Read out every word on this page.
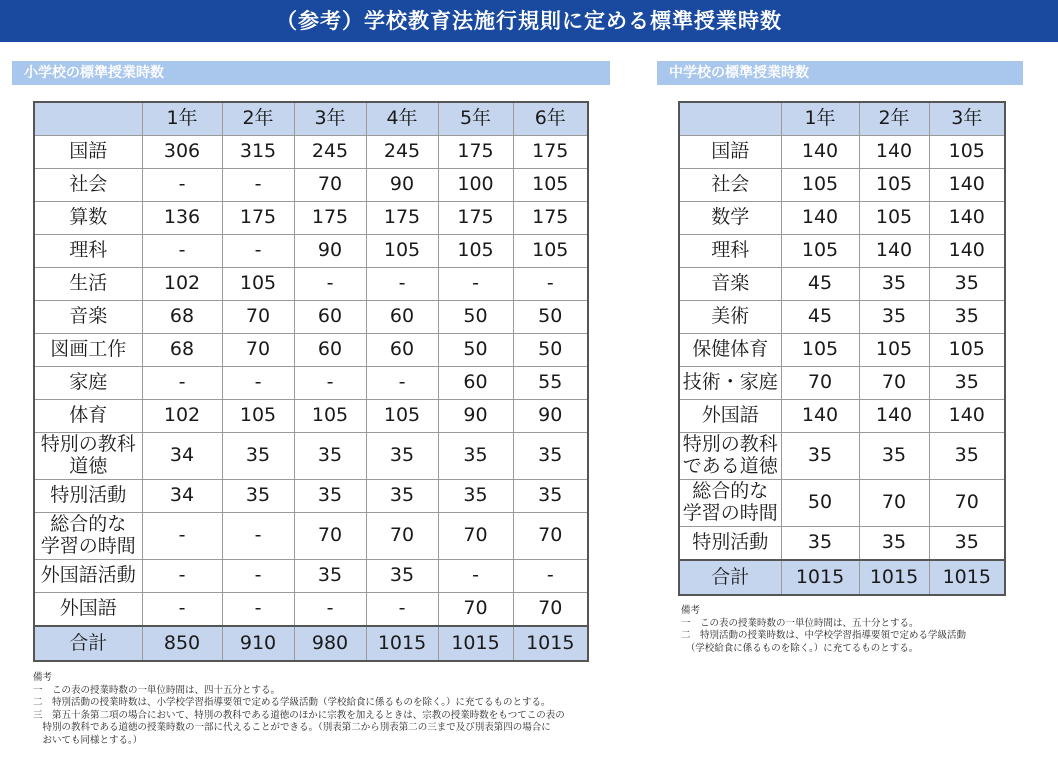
（参考）学校教育法施行規則に定める標準授業時数
小学校の標準授業時数	中学校の標準授業時数
	1年	2年	3年	4年	5年	6年
国語	306	315	245	245	175	175
社会	-	-	70	90	100	105
算数	136	175	175	175	175	175
理科	-	-	90	105	105	105
生活	102	105	-	-	-	-
音楽	68	70	60	60	50	50
図画工作	68	70	60	60	50	50
家庭	-	-	-	-	60	55
体育	102	105	105	105	90	90
特別の教科
道徳	34	35	35	35	35	35
特別活動	34	35	35	35	35	35
総合的な
学習の時間	-	-	70	70	70	70
外国語活動	-	-	35	35	-	-
外国語	-	-	-	-	70	70
合計	850	910	980	1015	1015	1015
	1年	2年	3年
国語	140	140	105
社会	105	105	140
数学	140	105	140
理科	105	140	140
音楽	45	35	35
美術	45	35	35
保健体育	105	105	105
技術・家庭	70	70	35
外国語	140	140	140
特別の教科
である道徳	35	35	35
総合的な
学習の時間	50	70	70
特別活動	35	35	35
合計	1015	1015	1015
備考
一　この表の授業時数の一単位時間は、四十五分とする。
二　特別活動の授業時数は、小学校学習指導要領で定める学級活動（学校給食に係るものを除く。）に充てるものとする。
三　第五十条第二項の場合において、特別の教科である道徳のほかに宗教を加えるときは、宗教の授業時数をもつてこの表の
　特別の教科である道徳の授業時数の一部に代えることができる。（別表第二から別表第二の三まで及び別表第四の場合に
　おいても同様とする。）
備考
一　この表の授業時数の一単位時間は、五十分とする。
二　特別活動の授業時数は、中学校学習指導要領で定める学級活動
　（学校給食に係るものを除く。）に充てるものとする。
